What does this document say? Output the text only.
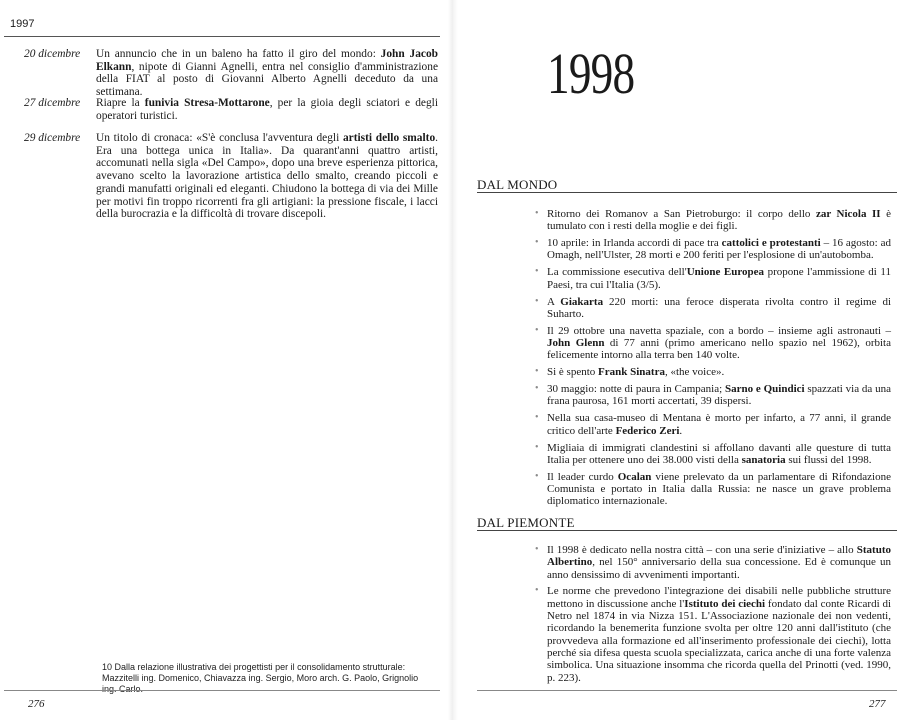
1997
20 dicembre	Un annuncio che in un baleno ha fatto il giro del mondo: John Jacob Elkann, nipote di Gianni Agnelli, entra nel consiglio d'amministrazione della FIAT al posto di Giovanni Alberto Agnelli deceduto da una settimana.
27 dicembre	Riapre la funivia Stresa-Mottarone, per la gioia degli sciatori e degli operatori turistici.
29 dicembre	Un titolo di cronaca: «S'è conclusa l'avventura degli artisti dello smalto. Era una bottega unica in Italia». Da quarant'anni quattro artisti, accomunati nella sigla «Del Campo», dopo una breve esperienza pittorica, avevano scelto la lavorazione artistica dello smalto, creando piccoli e grandi manufatti originali ed eleganti. Chiudono la bottega di via dei Mille per motivi fin troppo ricorrenti fra gli artigiani: la pressione fiscale, i lacci della burocrazia e la difficoltà di trovare discepoli.
10 Dalla relazione illustrativa dei progettisti per il consolidamento strutturale: Mazzitelli ing. Domenico, Chiavazza ing. Sergio, Moro arch. G. Paolo, Grignolio ing. Carlo.
276
1998
DAL MONDO
• Ritorno dei Romanov a San Pietroburgo: il corpo dello zar Nicola II è tumulato con i resti della moglie e dei figli.
• 10 aprile: in Irlanda accordi di pace tra cattolici e protestanti – 16 agosto: ad Omagh, nell'Ulster, 28 morti e 200 feriti per l'esplosione di un'autobomba.
• La commissione esecutiva dell'Unione Europea propone l'ammissione di 11 Paesi, tra cui l'Italia (3/5).
• A Giakarta 220 morti: una feroce disperata rivolta contro il regime di Suharto.
• Il 29 ottobre una navetta spaziale, con a bordo – insieme agli astronauti – John Glenn di 77 anni (primo americano nello spazio nel 1962), orbita felicemente intorno alla terra ben 140 volte.
• Si è spento Frank Sinatra, «the voice».
• 30 maggio: notte di paura in Campania; Sarno e Quindici spazzati via da una frana paurosa, 161 morti accertati, 39 dispersi.
• Nella sua casa-museo di Mentana è morto per infarto, a 77 anni, il grande critico dell'arte Federico Zeri.
• Migliaia di immigrati clandestini si affollano davanti alle questure di tutta Italia per ottenere uno dei 38.000 visti della sanatoria sui flussi del 1998.
• Il leader curdo Ocalan viene prelevato da un parlamentare di Rifondazione Comunista e portato in Italia dalla Russia: ne nasce un grave problema diplomatico internazionale.
DAL PIEMONTE
• Il 1998 è dedicato nella nostra città – con una serie d'iniziative – allo Statuto Albertino, nel 150° anniversario della sua concessione. Ed è comunque un anno densissimo di avvenimenti importanti.
• Le norme che prevedono l'integrazione dei disabili nelle pubbliche strutture mettono in discussione anche l'Istituto dei ciechi fondato dal conte Ricardi di Netro nel 1874 in via Nizza 151. L'Associazione nazionale dei non vedenti, ricordando la benemerita funzione svolta per oltre 120 anni dall'istituto (che provvedeva alla formazione ed all'inserimento professionale dei ciechi), lotta perché sia difesa questa scuola specializzata, carica anche di una forte valenza simbolica. Una situazione insomma che ricorda quella del Prinotti (ved. 1990, p. 223).
277
